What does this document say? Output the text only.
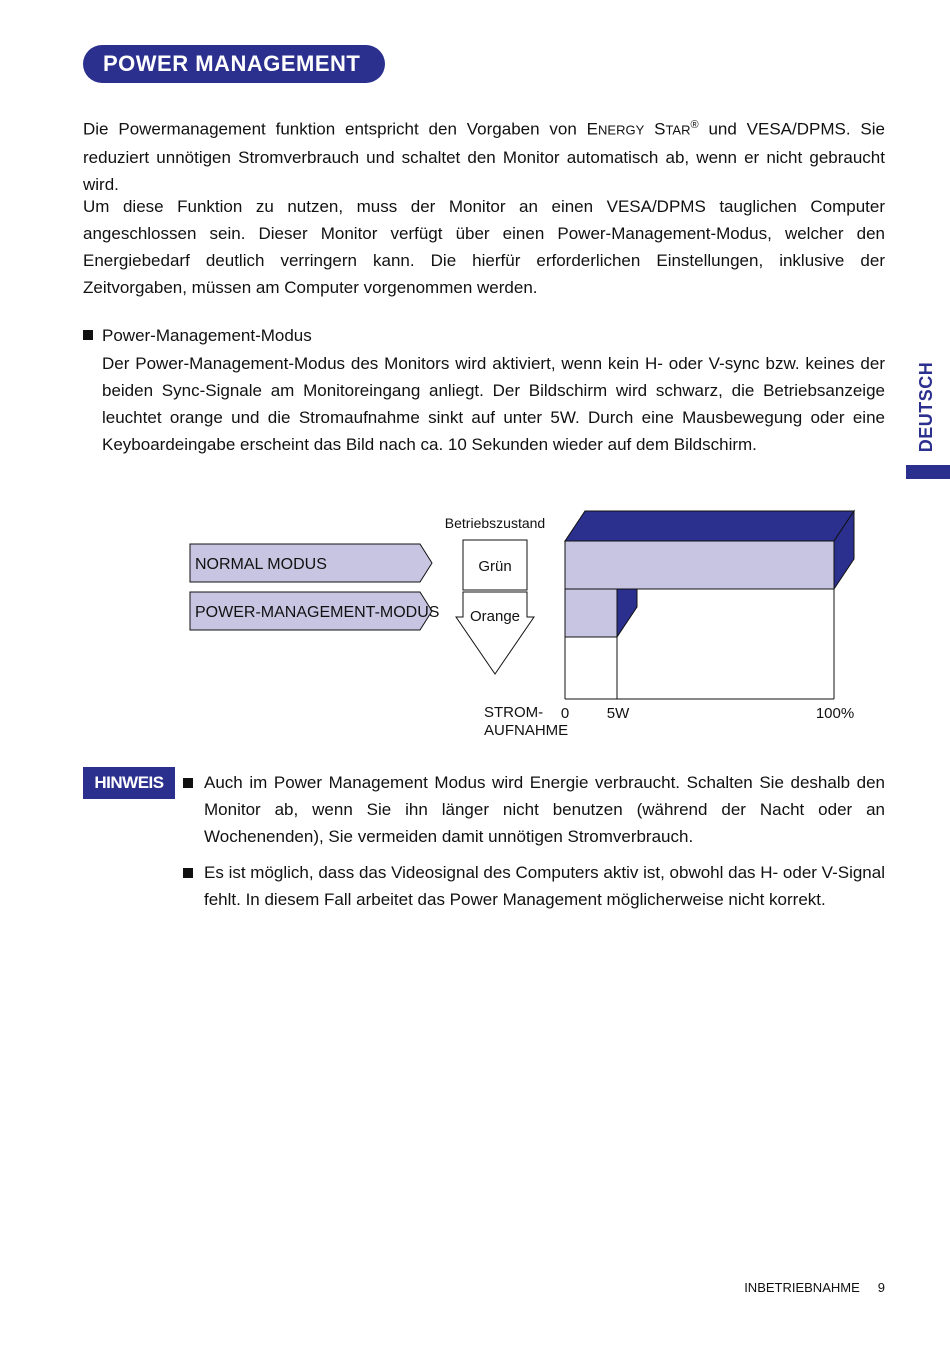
POWER MANAGEMENT
DEUTSCH

Die Powermanagement funktion entspricht den Vorgaben von ENERGY STAR® und VESA/DPMS. Sie reduziert unnötigen Stromverbrauch und schaltet den Monitor automatisch ab, wenn er nicht gebraucht wird.

Um diese Funktion zu nutzen, muss der Monitor an einen VESA/DPMS tauglichen Computer angeschlossen sein. Dieser Monitor verfügt über einen Power-Management-Modus, welcher den Energiebedarf deutlich verringern kann. Die hierfür erforderlichen Einstellungen, inklusive der Zeitvorgaben, müssen am Computer vorgenommen werden.

Power-Management-Modus

Der Power-Management-Modus des Monitors wird aktiviert, wenn kein H- oder V-sync bzw. keines der beiden Sync-Signale am Monitoreingang anliegt. Der Bildschirm wird schwarz, die Betriebsanzeige leuchtet orange und die Stromaufnahme sinkt auf unter 5W. Durch eine Mausbewegung oder eine Keyboardeingabe erscheint das Bild nach ca. 10 Sekunden wieder auf dem Bildschirm.

Betriebszustand
NORMAL MODUS
POWER-MANAGEMENT-MODUS
Grün
Orange
STROM-
AUFNAHME
0	5W	100%
HINWEIS	Auch im Power Management Modus wird Energie verbraucht. Schalten Sie deshalb den Monitor ab, wenn Sie ihn länger nicht benutzen (während der Nacht oder an Wochenenden), Sie vermeiden damit unnötigen Stromverbrauch.

Es ist möglich, dass das Videosignal des Computers aktiv ist, obwohl das H- oder V-Signal fehlt. In diesem Fall arbeitet das Power Management möglicherweise nicht korrekt.

INBETRIEBNAHME 9
